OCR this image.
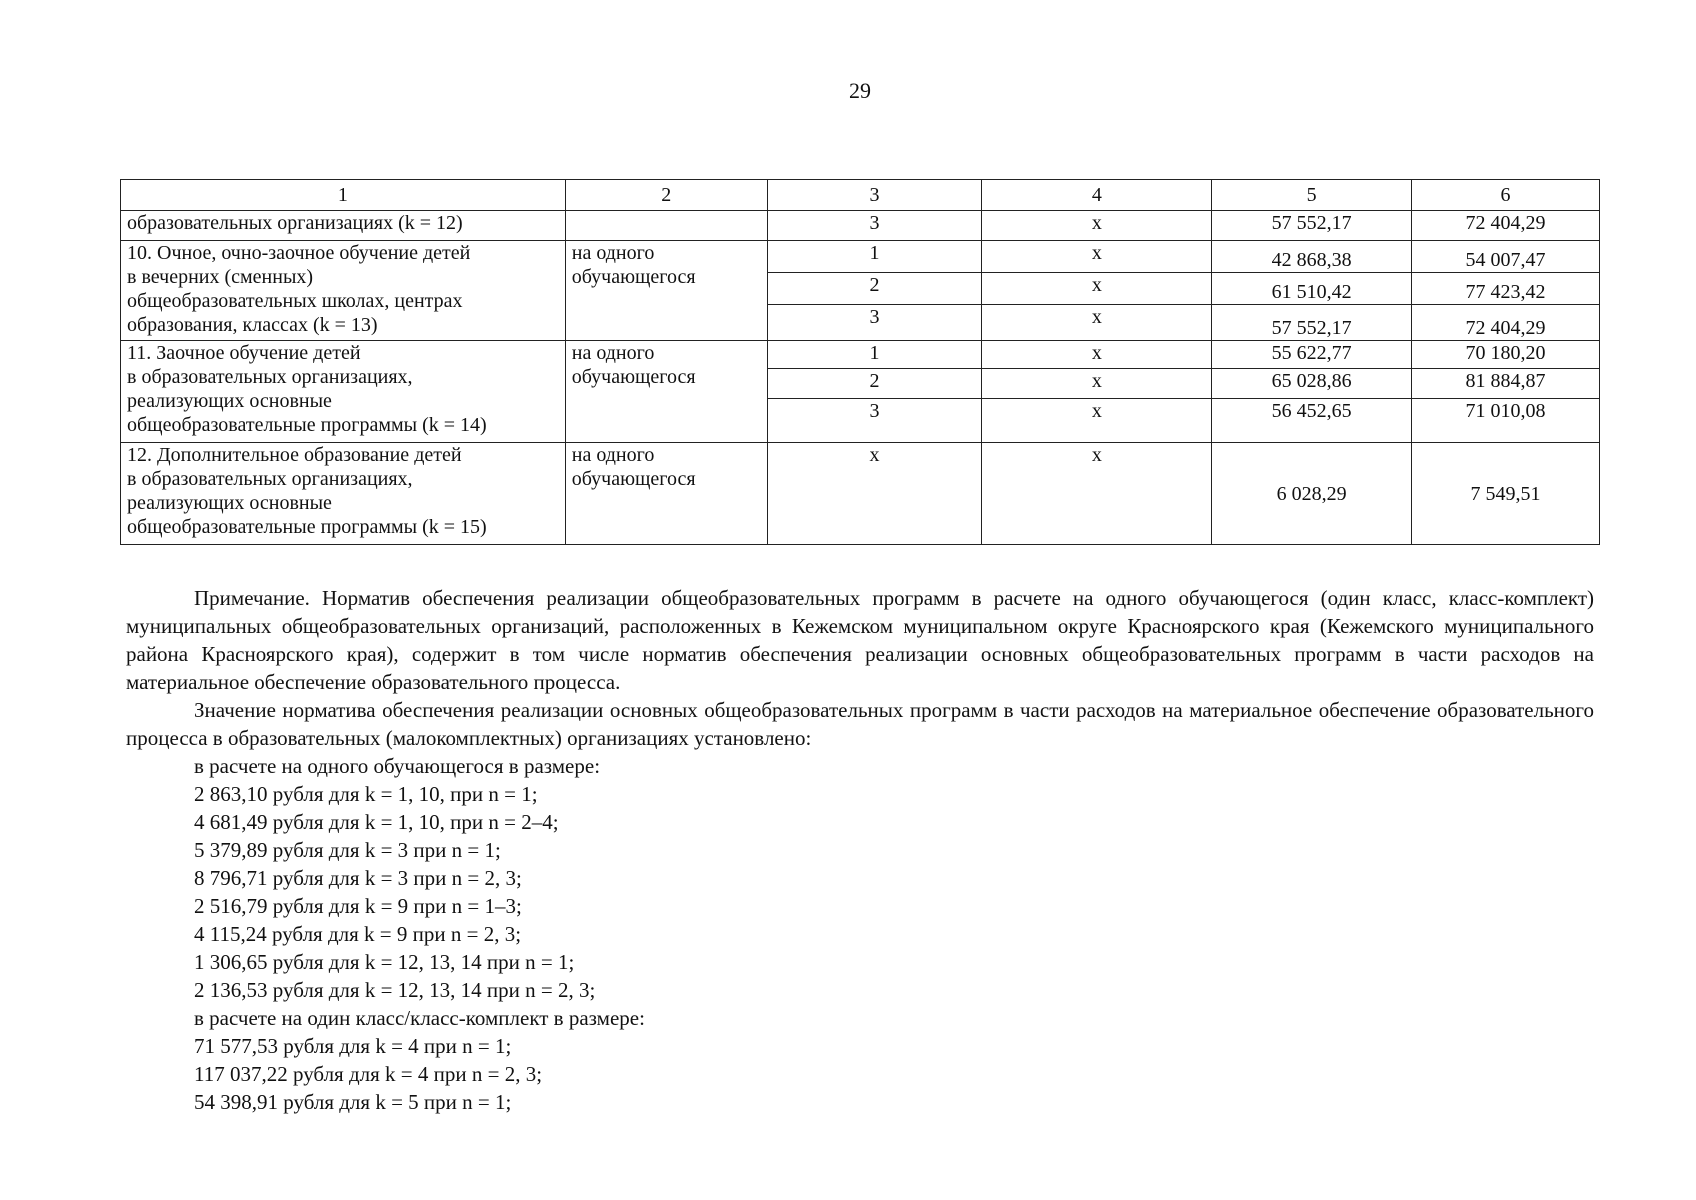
29
1	2	3	4	5	6
образовательных организациях (k = 12)		3	x	57 552,17	72 404,29
10. Очное, очно-заочное обучение детей
в вечерних (сменных)
общеобразовательных школах, центрах
образования, классах (k = 13)	на одного
обучающегося	1	x	42 868,38	54 007,47
		2	x	61 510,42	77 423,42
		3	x	57 552,17	72 404,29
11. Заочное обучение детей
в образовательных организациях,
реализующих основные
общеобразовательные программы (k = 14)	на одного
обучающегося	1	x	55 622,77	70 180,20
		2	x	65 028,86	81 884,87
		3	x	56 452,65	71 010,08
12. Дополнительное образование детей
в образовательных организациях,
реализующих основные
общеобразовательные программы (k = 15)	на одного
обучающегося	x	x	6 028,29	7 549,51

Примечание. Норматив обеспечения реализации общеобразовательных программ в расчете на одного обучающегося (один класс, класс-комплект) муниципальных общеобразовательных организаций, расположенных в Кежемском муниципальном округе Красноярского края (Кежемского муниципального района Красноярского края), содержит в том числе норматив обеспечения реализации основных общеобразовательных программ в части расходов на материальное обеспечение образовательного процесса.

Значение норматива обеспечения реализации основных общеобразовательных программ в части расходов на материальное обеспечение образовательного процесса в образовательных (малокомплектных) организациях установлено:

в расчете на одного обучающегося в размере:

2 863,10 рубля для k = 1, 10, при n = 1;

4 681,49 рубля для k = 1, 10, при n = 2–4;

5 379,89 рубля для k = 3 при n = 1;

8 796,71 рубля для k = 3 при n = 2, 3;

2 516,79 рубля для k = 9 при n = 1–3;

4 115,24 рубля для k = 9 при n = 2, 3;

1 306,65 рубля для k = 12, 13, 14 при n = 1;

2 136,53 рубля для k = 12, 13, 14 при n = 2, 3;

в расчете на один класс/класс-комплект в размере:

71 577,53 рубля для k = 4 при n = 1;

117 037,22 рубля для k = 4 при n = 2, 3;

54 398,91 рубля для k = 5 при n = 1;
